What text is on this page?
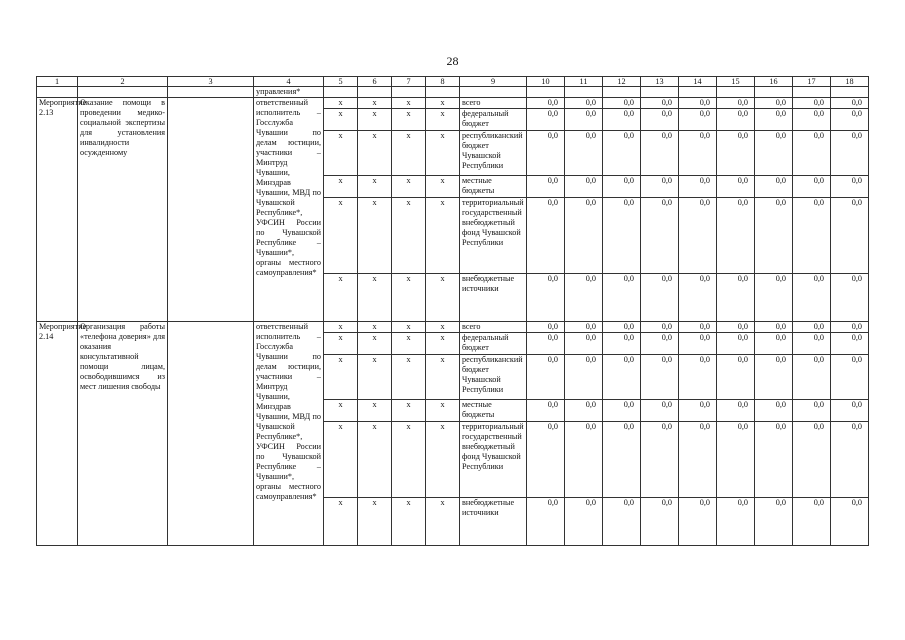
28
1	2	3	4	5	6	7	8	9	10	11	12	13	14	15	16	17	18
			управления*														
Мероприятие 2.13	Оказание помощи в проведении медико-социальной экспертизы для установления инвалидности осужденному		ответственный исполнитель – Госслужба Чувашии по делам юстиции, участники – Минтруд Чувашии, Минздрав Чувашии, МВД по Чувашской Республике*, УФСИН России по Чувашской Республике – Чувашии*, органы местного самоуправления*	x	x	x	x	всего	0,0	0,0	0,0	0,0	0,0	0,0	0,0	0,0	0,0
				x	x	x	x	федеральный бюджет	0,0	0,0	0,0	0,0	0,0	0,0	0,0	0,0	0,0
				x	x	x	x	республиканский бюджет Чувашской Республики	0,0	0,0	0,0	0,0	0,0	0,0	0,0	0,0	0,0
				x	x	x	x	местные бюджеты	0,0	0,0	0,0	0,0	0,0	0,0	0,0	0,0	0,0
				x	x	x	x	территориальный государственный внебюджетный фонд Чувашской Республики	0,0	0,0	0,0	0,0	0,0	0,0	0,0	0,0	0,0
				x	x	x	x	внебюджетные источники	0,0	0,0	0,0	0,0	0,0	0,0	0,0	0,0	0,0
Мероприятие 2.14	Организация работы «телефона доверия» для оказания консультативной помощи лицам, освободившимся из мест лишения свободы		ответственный исполнитель – Госслужба Чувашии по делам юстиции, участники – Минтруд Чувашии, Минздрав Чувашии, МВД по Чувашской Республике*, УФСИН России по Чувашской Республике – Чувашии*, органы местного самоуправления*	x	x	x	x	всего	0,0	0,0	0,0	0,0	0,0	0,0	0,0	0,0	0,0
				x	x	x	x	федеральный бюджет	0,0	0,0	0,0	0,0	0,0	0,0	0,0	0,0	0,0
				x	x	x	x	республиканский бюджет Чувашской Республики	0,0	0,0	0,0	0,0	0,0	0,0	0,0	0,0	0,0
				x	x	x	x	местные бюджеты	0,0	0,0	0,0	0,0	0,0	0,0	0,0	0,0	0,0
				x	x	x	x	территориальный государственный внебюджетный фонд Чувашской Республики	0,0	0,0	0,0	0,0	0,0	0,0	0,0	0,0	0,0
				x	x	x	x	внебюджетные источники	0,0	0,0	0,0	0,0	0,0	0,0	0,0	0,0	0,0
